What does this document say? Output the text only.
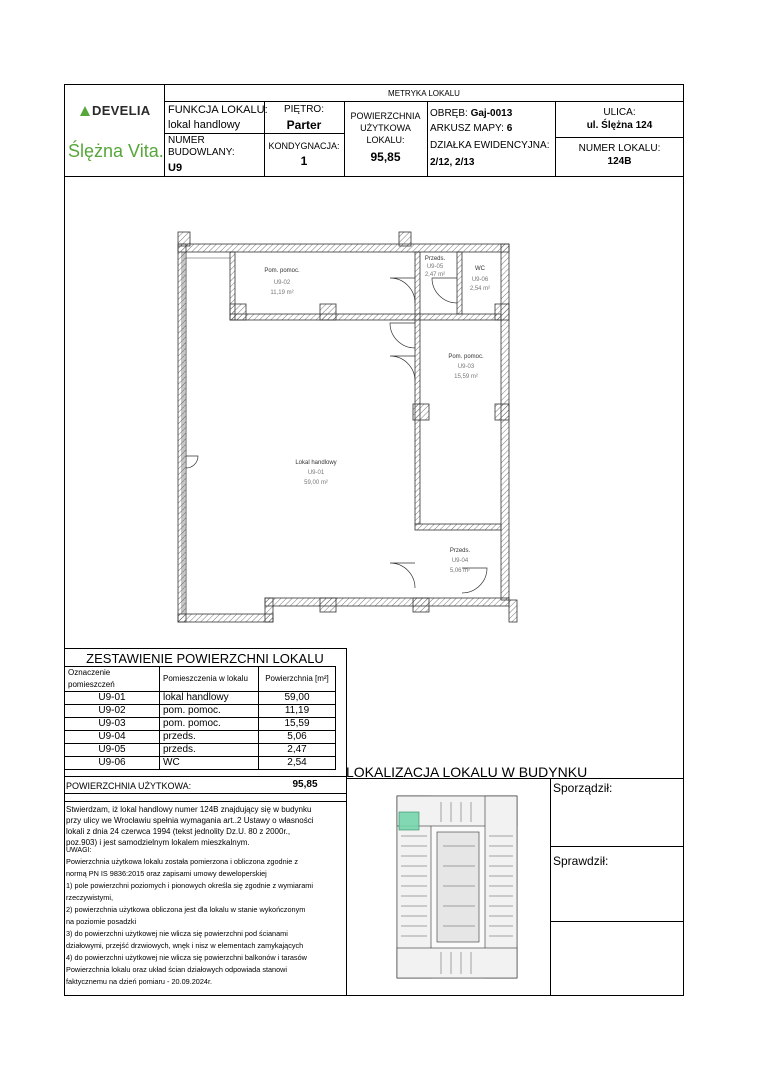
METRYKA LOKALU
DEVELIA
Ślężna Vita.
FUNKCJA LOKALU:
lokal handlowy
NUMER BUDOWLANY:
U9
PIĘTRO:
Parter
KONDYGNACJA:
1
POWIERZCHNIA UŻYTKOWA LOKALU:
95,85
OBRĘB: Gaj-0013
ARKUSZ MAPY: 6
DZIAŁKA EWIDENCYJNA:
2/12, 2/13
ULICA:
ul. Ślężna 124
NUMER LOKALU:
124B
Pom. pomoc.
U9-02
11,19 m²
Przeds.
U9-05
2,47 m²
WC
U9-06
2,54 m²
Pom. pomoc.
U9-03
15,59 m²
Lokal handlowy
U9-01
59,00 m²
Przeds.
U9-04
5,06 m²
ZESTAWIENIE POWIERZCHNI LOKALU
Oznaczenie pomieszczeń	Pomieszczenia w lokalu	Powierzchnia [m²]
U9-01	lokal handlowy	59,00
U9-02	pom. pomoc.	11,19
U9-03	pom. pomoc.	15,59
U9-04	przeds.	5,06
U9-05	przeds.	2,47
U9-06	WC	2,54
POWIERZCHNIA UŻYTKOWA:	95,85
Stwierdzam, iż lokal handlowy numer 124B znajdujący się w budynku
przy ulicy we Wrocławiu spełnia wymagania art..2 Ustawy o własności
lokali z dnia 24 czerwca 1994 (tekst jednolity Dz.U. 80 z 2000r.,
poz.903) i jest samodzielnym lokalem mieszkalnym.
UWAGI:
Powierzchnia użytkowa lokalu została pomierzona i obliczona zgodnie z
normą PN IS 9836:2015 oraz zapisami umowy deweloperskiej
1) pole powierzchni poziomych i pionowych określa się zgodnie z wymiarami
rzeczywistymi,
2) powierzchnia użytkowa obliczona jest dla lokalu w stanie wykończonym
na poziomie posadzki
3) do powierzchni użytkowej nie wlicza się powierzchni pod ścianami
działowymi, przejść drzwiowych, wnęk i nisz w elementach zamykających
4) do powierzchni użytkowej nie wlicza się powierzchni balkonów i tarasów
Powierzchnia lokalu oraz układ ścian działowych odpowiada stanowi
faktycznemu na dzień pomiaru - 20.09.2024r.
LOKALIZACJA LOKALU W BUDYNKU
Sporządził:
Sprawdził:
